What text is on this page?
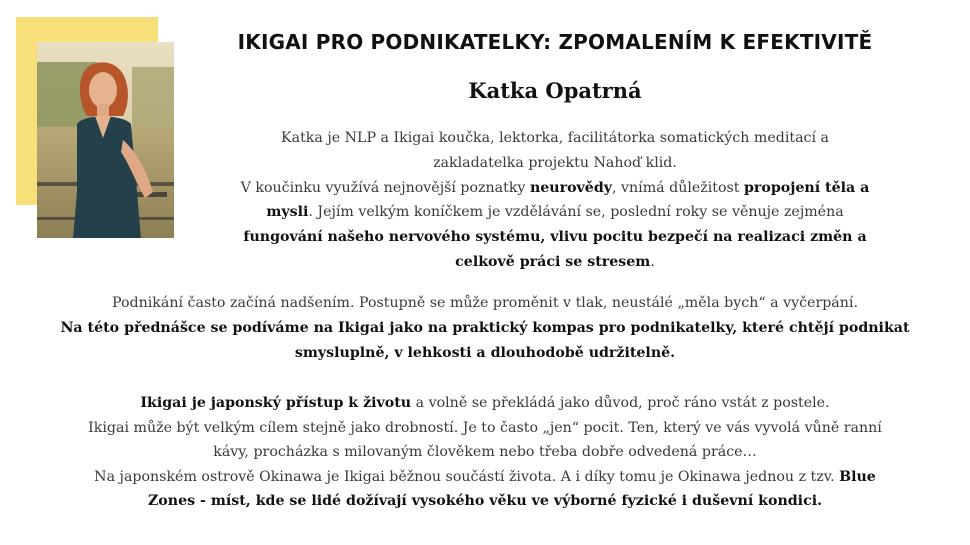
IKIGAI PRO PODNIKATELKY: ZPOMALENÍM K EFEKTIVITĚ
Katka Opatrná
Katka je NLP a Ikigai koučka, lektorka, facilitátorka somatických meditací a
zakladatelka projektu Nahoď klid.
V koučinku využívá nejnovější poznatky neurovědy, vnímá důležitost propojení těla a
mysli. Jejím velkým koníčkem je vzdělávání se, poslední roky se věnuje zejména
fungování našeho nervového systému, vlivu pocitu bezpečí na realizaci změn a
celkově práci se stresem.
Podnikání často začíná nadšením. Postupně se může proměnit v tlak, neustálé „měla bych“ a vyčerpání.
Na této přednášce se podíváme na Ikigai jako na praktický kompas pro podnikatelky, které chtějí podnikat
smysluplně, v lehkosti a dlouhodobě udržitelně.
Ikigai je japonský přístup k životu a volně se překládá jako důvod, proč ráno vstát z postele.
Ikigai může být velkým cílem stejně jako drobností. Je to často „jen“ pocit. Ten, který ve vás vyvolá vůně ranní
kávy, procházka s milovaným člověkem nebo třeba dobře odvedená práce…
Na japonském ostrově Okinawa je Ikigai běžnou součástí života. A i díky tomu je Okinawa jednou z tzv. Blue
Zones - míst, kde se lidé dožívají vysokého věku ve výborné fyzické i duševní kondici.
